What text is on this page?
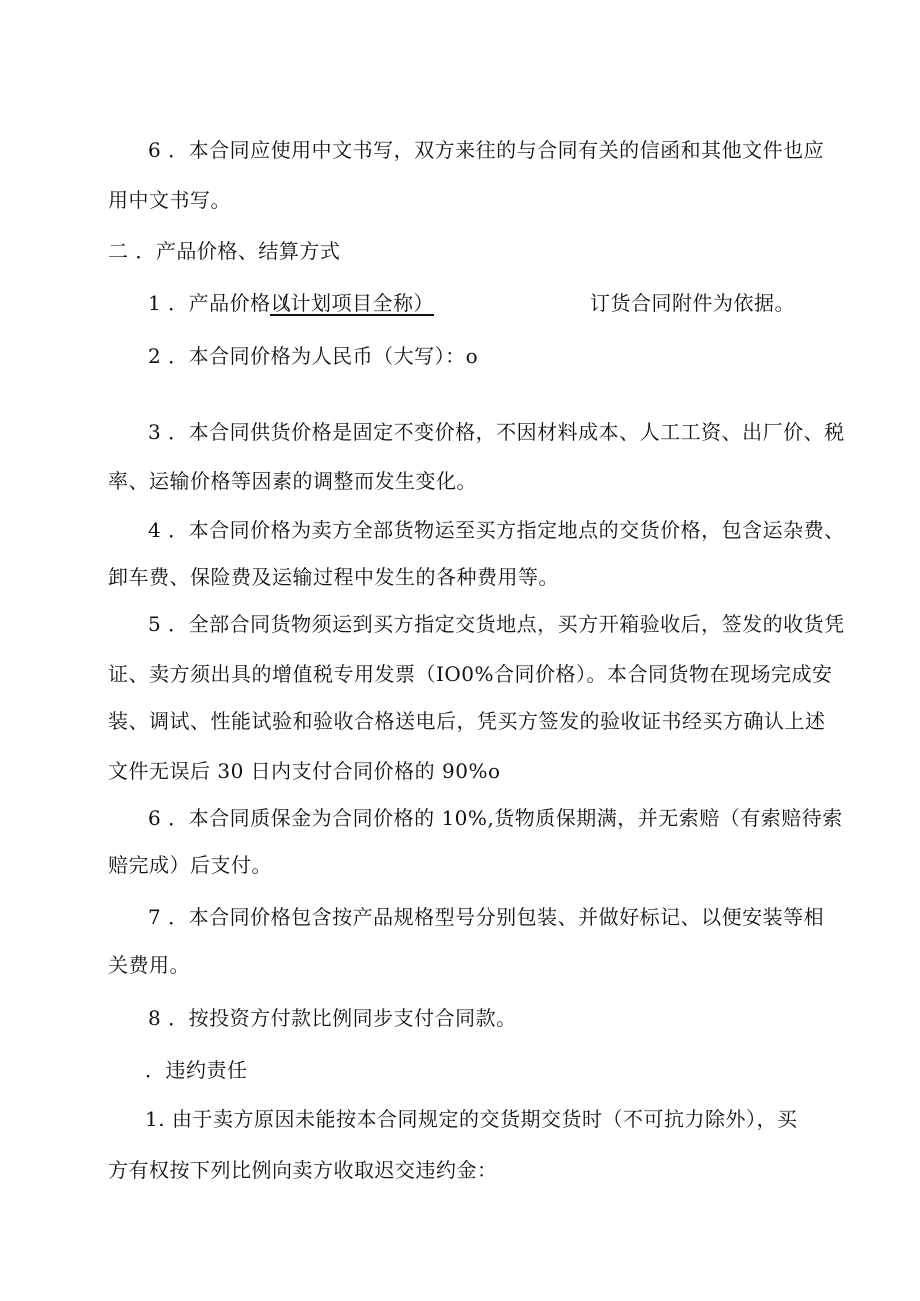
6 ．本合同应使用中文书写，双方来往的与合同有关的信函和其他文件也应
用中文书写。
二 ．产品价格、结算方式
1 ．产品价格以
（计划项目全称）	订货合同附件为依据。
2 ．本合同价格为人民币（大写）：o
3 ．本合同供货价格是固定不变价格，不因材料成本、人工工资、出厂价、税
率、运输价格等因素的调整而发生变化。
4 ．本合同价格为卖方全部货物运至买方指定地点的交货价格，包含运杂费、
卸车费、保险费及运输过程中发生的各种费用等。
5 ．全部合同货物须运到买方指定交货地点，买方开箱验收后，签发的收货凭
证、卖方须出具的增值税专用发票（IO0%合同价格）。本合同货物在现场完成安
装、调试、性能试验和验收合格送电后，凭买方签发的验收证书经买方确认上述
文件无误后 30 日内支付合同价格的 90%o
6 ．本合同质保金为合同价格的 10%,货物质保期满，并无索赔（有索赔待索
赔完成）后支付。
7 ．本合同价格包含按产品规格型号分别包装、并做好标记、以便安装等相
关费用。
8 ．按投资方付款比例同步支付合同款。
．违约责任
1. 由于卖方原因未能按本合同规定的交货期交货时（不可抗力除外），买
方有权按下列比例向卖方收取迟交违约金：
